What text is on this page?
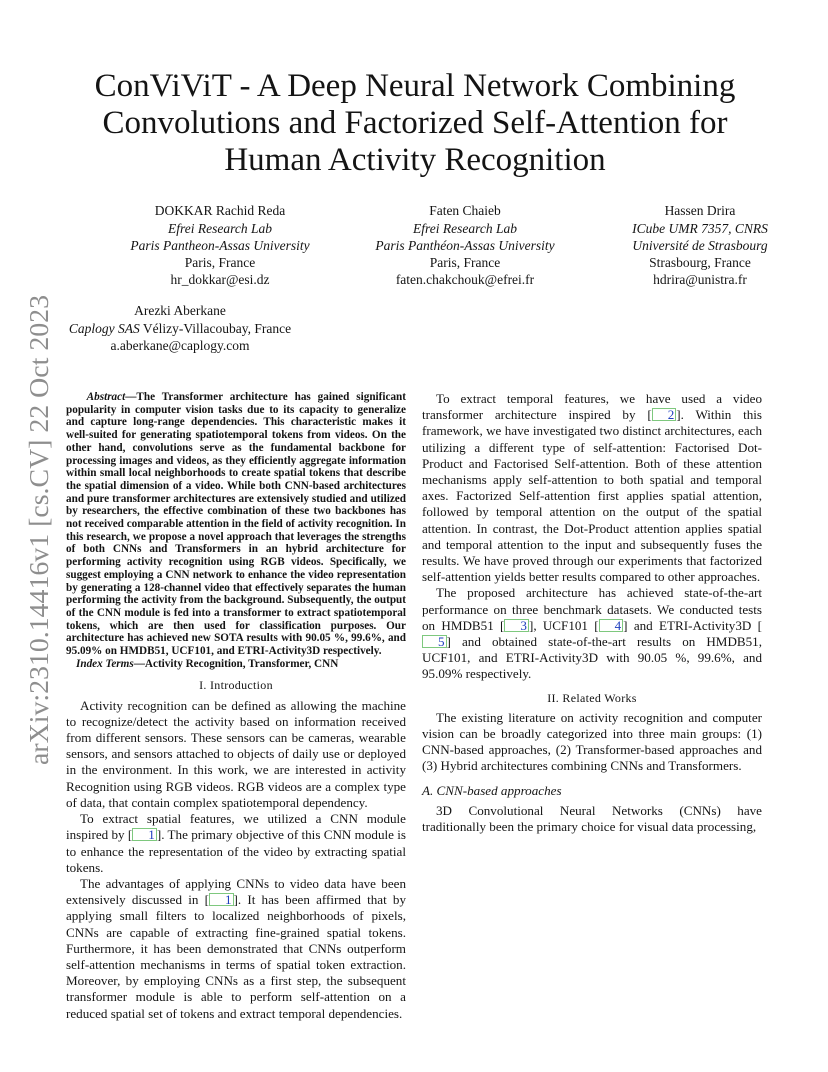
arXiv:2310.14416v1 [cs.CV] 22 Oct 2023
ConViViT - A Deep Neural Network Combining
Convolutions and Factorized Self-Attention for
Human Activity Recognition
DOKKAR Rachid Reda
Efrei Research Lab
Paris Pantheon-Assas University
Paris, France
hr_dokkar@esi.dz
Faten Chaieb
Efrei Research Lab
Paris Panthéon-Assas University
Paris, France
faten.chakchouk@efrei.fr
Hassen Drira
ICube UMR 7357, CNRS
Université de Strasbourg
Strasbourg, France
hdrira@unistra.fr
Arezki Aberkane
Caplogy SAS Vélizy-Villacoubay, France
a.aberkane@caplogy.com

Abstract—The Transformer architecture has gained significant popularity in computer vision tasks due to its capacity to generalize and capture long-range dependencies. This characteristic makes it well-suited for generating spatiotemporal tokens from videos. On the other hand, convolutions serve as the fundamental backbone for processing images and videos, as they efficiently aggregate information within small local neighborhoods to create spatial tokens that describe the spatial dimension of a video. While both CNN-based architectures and pure transformer architectures are extensively studied and utilized by researchers, the effective combination of these two backbones has not received comparable attention in the field of activity recognition. In this research, we propose a novel approach that leverages the strengths of both CNNs and Transformers in an hybrid architecture for performing activity recognition using RGB videos. Specifically, we suggest employing a CNN network to enhance the video representation by generating a 128-channel video that effectively separates the human performing the activity from the background. Subsequently, the output of the CNN module is fed into a transformer to extract spatiotemporal tokens, which are then used for classification purposes. Our architecture has achieved new SOTA results with 90.05 %, 99.6%, and 95.09% on HMDB51, UCF101, and ETRI-Activity3D respectively.

Index Terms—Activity Recognition, Transformer, CNN

I. Introduction

Activity recognition can be defined as allowing the machine to recognize/detect the activity based on information received from different sensors. These sensors can be cameras, wearable sensors, and sensors attached to objects of daily use or deployed in the environment. In this work, we are interested in activity Recognition using RGB videos. RGB videos are a complex type of data, that contain complex spatiotemporal dependency.

To extract spatial features, we utilized a CNN module inspired by [ 1 ]. The primary objective of this CNN module is to enhance the representation of the video by extracting spatial tokens.

The advantages of applying CNNs to video data have been extensively discussed in [ 1 ]. It has been affirmed that by applying small filters to localized neighborhoods of pixels, CNNs are capable of extracting fine-grained spatial tokens. Furthermore, it has been demonstrated that CNNs outperform self-attention mechanisms in terms of spatial token extraction. Moreover, by employing CNNs as a first step, the subsequent transformer module is able to perform self-attention on a reduced spatial set of tokens and extract temporal dependencies.

To extract temporal features, we have used a video transformer architecture inspired by [ 2 ]. Within this framework, we have investigated two distinct architectures, each utilizing a different type of self-attention: Factorised Dot-Product and Factorised Self-attention. Both of these attention mechanisms apply self-attention to both spatial and temporal axes. Factorized Self-attention first applies spatial attention, followed by temporal attention on the output of the spatial attention. In contrast, the Dot-Product attention applies spatial and temporal attention to the input and subsequently fuses the results. We have proved through our experiments that factorized self-attention yields better results compared to other approaches.

The proposed architecture has achieved state-of-the-art performance on three benchmark datasets. We conducted tests on HMDB51 [ 3 ], UCF101 [ 4 ] and ETRI-Activity3D [5 ] and obtained state-of-the-art results on HMDB51, UCF101, and ETRI-Activity3D with 90.05 %, 99.6%, and 95.09% respectively.

II. Related Works

The existing literature on activity recognition and computer vision can be broadly categorized into three main groups: (1) CNN-based approaches, (2) Transformer-based approaches and (3) Hybrid architectures combining CNNs and Transformers.

A. CNN-based approaches

3D Convolutional Neural Networks (CNNs) have traditionally been the primary choice for visual data processing,
